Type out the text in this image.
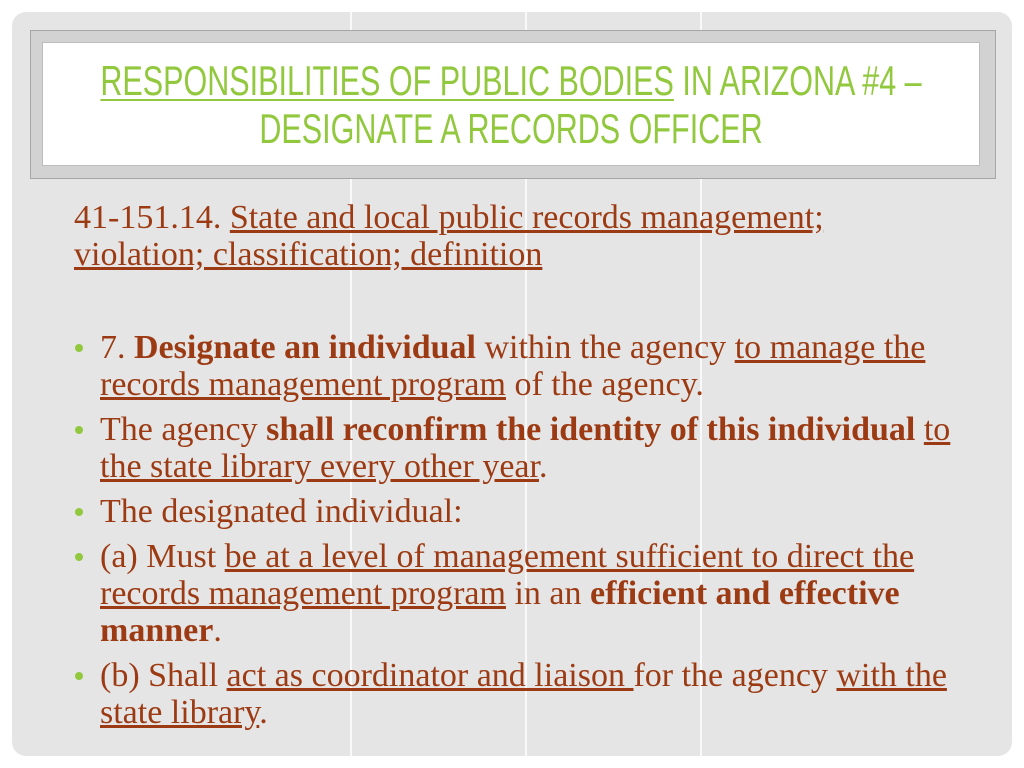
RESPONSIBILITIES OF PUBLIC BODIES IN ARIZONA #4 –
DESIGNATE A RECORDS OFFICER
41-151.14. State and local public records management; violation; classification; definition
7. Designate an individual within the agency to manage the records management program of the agency.
The agency shall reconfirm the identity of this individual to the state library every other year.
The designated individual:
(a) Must be at a level of management sufficient to direct the records management program in an efficient and effective manner.
(b) Shall act as coordinator and liaison for the agency with the state library.
